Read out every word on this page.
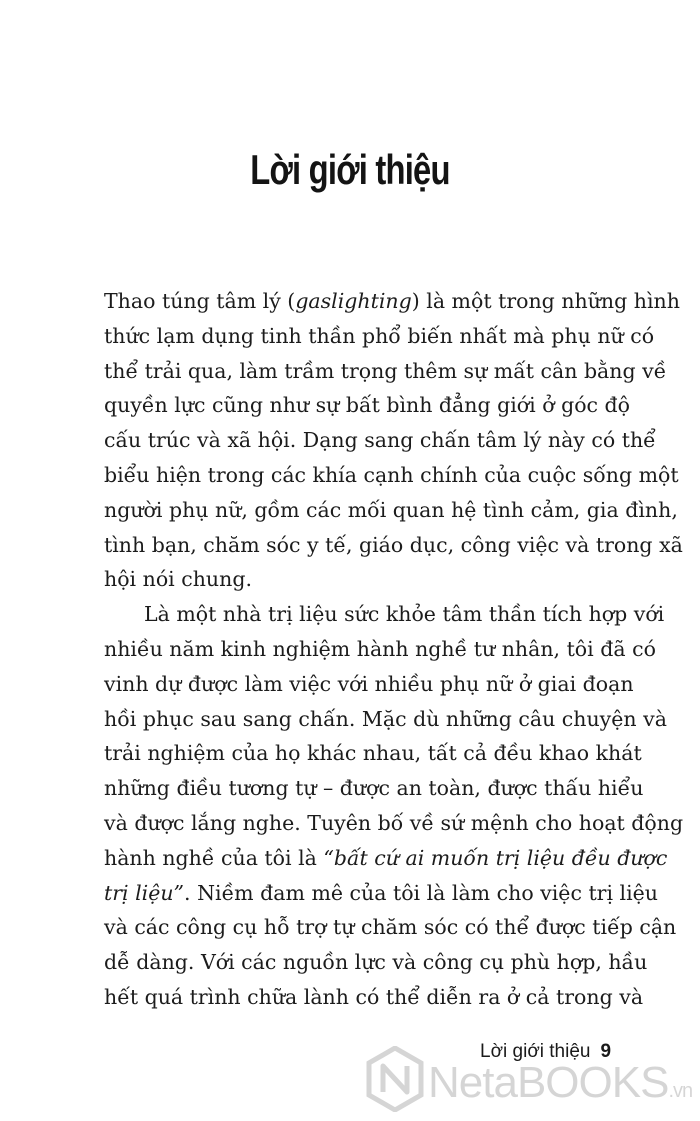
Lời giới thiệu

Thao túng tâm lý (gaslighting) là một trong những hình
thức lạm dụng tinh thần phổ biến nhất mà phụ nữ có
thể trải qua, làm trầm trọng thêm sự mất cân bằng về
quyền lực cũng như sự bất bình đẳng giới ở góc độ
cấu trúc và xã hội. Dạng sang chấn tâm lý này có thể
biểu hiện trong các khía cạnh chính của cuộc sống một
người phụ nữ, gồm các mối quan hệ tình cảm, gia đình,
tình bạn, chăm sóc y tế, giáo dục, công việc và trong xã
hội nói chung.

Là một nhà trị liệu sức khỏe tâm thần tích hợp với
nhiều năm kinh nghiệm hành nghề tư nhân, tôi đã có
vinh dự được làm việc với nhiều phụ nữ ở giai đoạn
hồi phục sau sang chấn. Mặc dù những câu chuyện và
trải nghiệm của họ khác nhau, tất cả đều khao khát
những điều tương tự – được an toàn, được thấu hiểu
và được lắng nghe. Tuyên bố về sứ mệnh cho hoạt động
hành nghề của tôi là “bất cứ ai muốn trị liệu đều được
trị liệu”. Niềm đam mê của tôi là làm cho việc trị liệu
và các công cụ hỗ trợ tự chăm sóc có thể được tiếp cận
dễ dàng. Với các nguồn lực và công cụ phù hợp, hầu
hết quá trình chữa lành có thể diễn ra ở cả trong và

Lời giới thiệu 9
NetaBOOKS.vn
